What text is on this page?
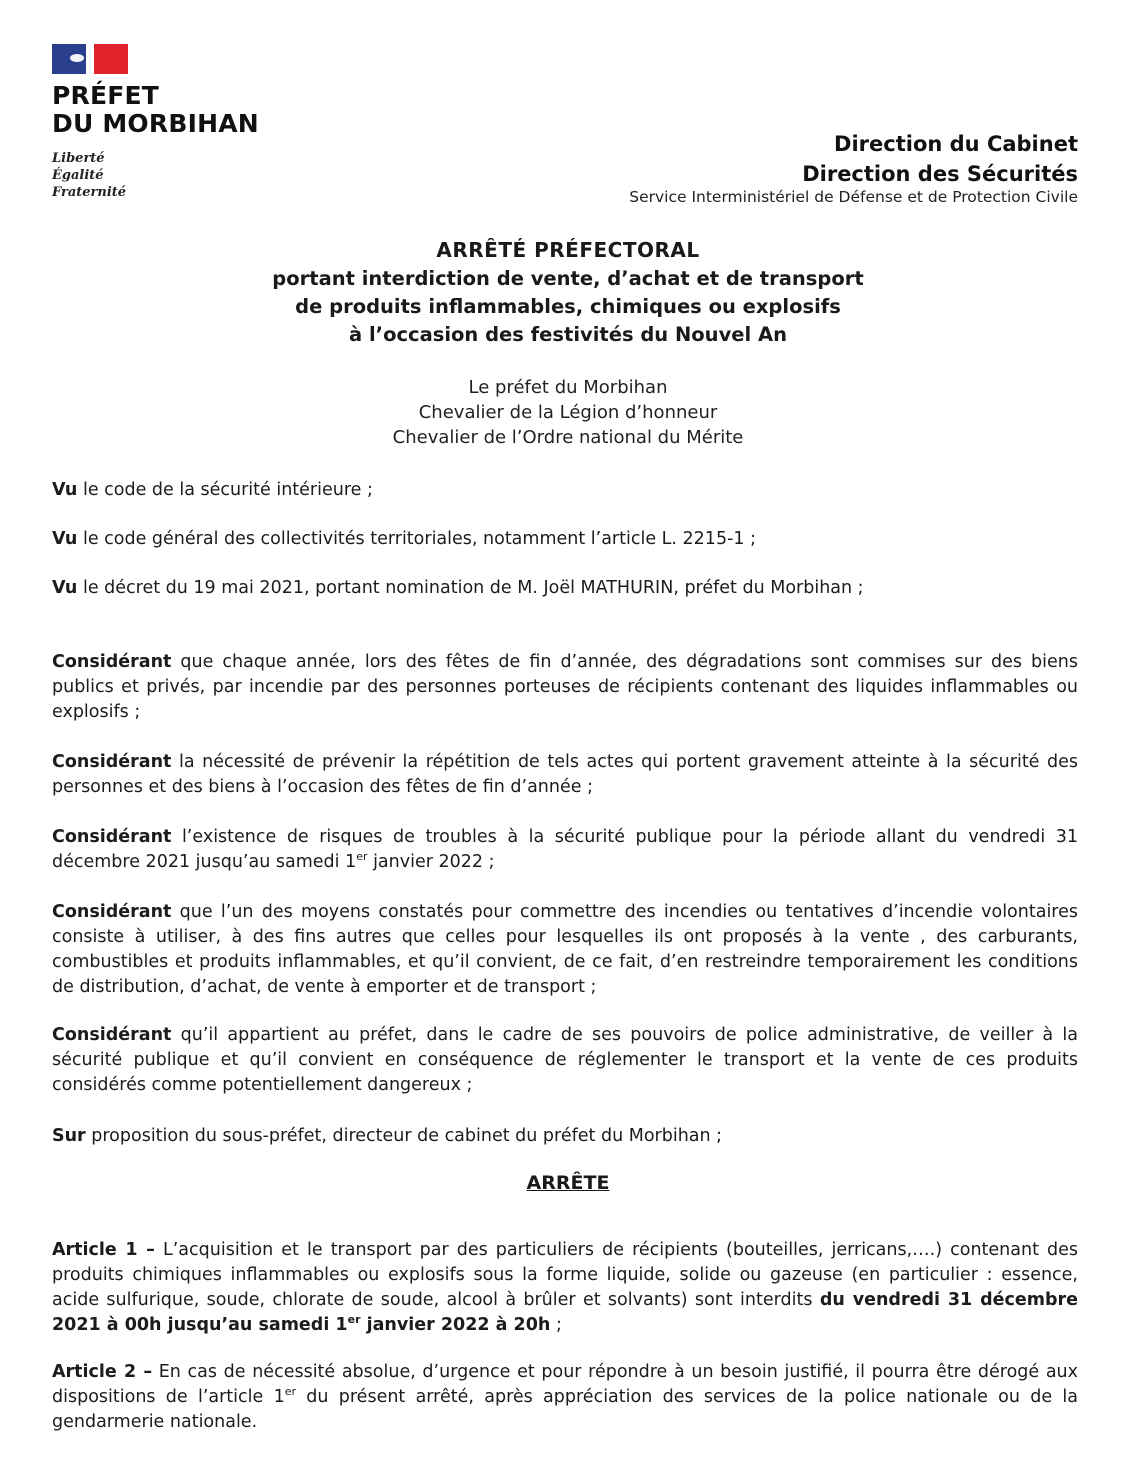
PRÉFET
DU MORBIHAN
Liberté
Égalité
Fraternité
Direction du Cabinet
Direction des Sécurités
Service Interministériel de Défense et de Protection Civile
ARRÊTÉ PRÉFECTORAL
portant interdiction de vente, d’achat et de transport
de produits inflammables, chimiques ou explosifs
à l’occasion des festivités du Nouvel An
Le préfet du Morbihan
Chevalier de la Légion d’honneur
Chevalier de l’Ordre national du Mérite
Vu le code de la sécurité intérieure ;
Vu le code général des collectivités territoriales, notamment l’article L. 2215-1 ;
Vu le décret du 19 mai 2021, portant nomination de M. Joël MATHURIN, préfet du Morbihan ;
Considérant que chaque année, lors des fêtes de fin d’année, des dégradations sont commises sur des biens publics et privés, par incendie par des personnes porteuses de récipients contenant des liquides inflammables ou explosifs ;
Considérant la nécessité de prévenir la répétition de tels actes qui portent gravement atteinte à la sécurité des personnes et des biens à l’occasion des fêtes de fin d’année ;
Considérant l’existence de risques de troubles à la sécurité publique pour la période allant du vendredi 31 décembre 2021 jusqu’au samedi 1er janvier 2022 ;
Considérant que l’un des moyens constatés pour commettre des incendies ou tentatives d’incendie volontaires consiste à utiliser, à des fins autres que celles pour lesquelles ils ont proposés à la vente , des carburants, combustibles et produits inflammables, et qu’il convient, de ce fait, d’en restreindre temporairement les conditions de distribution, d’achat, de vente à emporter et de transport ;
Considérant qu’il appartient au préfet, dans le cadre de ses pouvoirs de police administrative, de veiller à la sécurité publique et qu’il convient en conséquence de réglementer le transport et la vente de ces produits considérés comme potentiellement dangereux ;
Sur proposition du sous-préfet, directeur de cabinet du préfet du Morbihan ;
ARRÊTE
Article 1 – L’acquisition et le transport par des particuliers de récipients (bouteilles, jerricans,….) contenant des produits chimiques inflammables ou explosifs sous la forme liquide, solide ou gazeuse (en particulier : essence, acide sulfurique, soude, chlorate de soude, alcool à brûler et solvants) sont interdits du vendredi 31 décembre 2021 à 00h jusqu’au samedi 1er janvier 2022 à 20h ;
Article 2 – En cas de nécessité absolue, d’urgence et pour répondre à un besoin justifié, il pourra être dérogé aux dispositions de l’article 1er du présent arrêté, après appréciation des services de la police nationale ou de la gendarmerie nationale.
